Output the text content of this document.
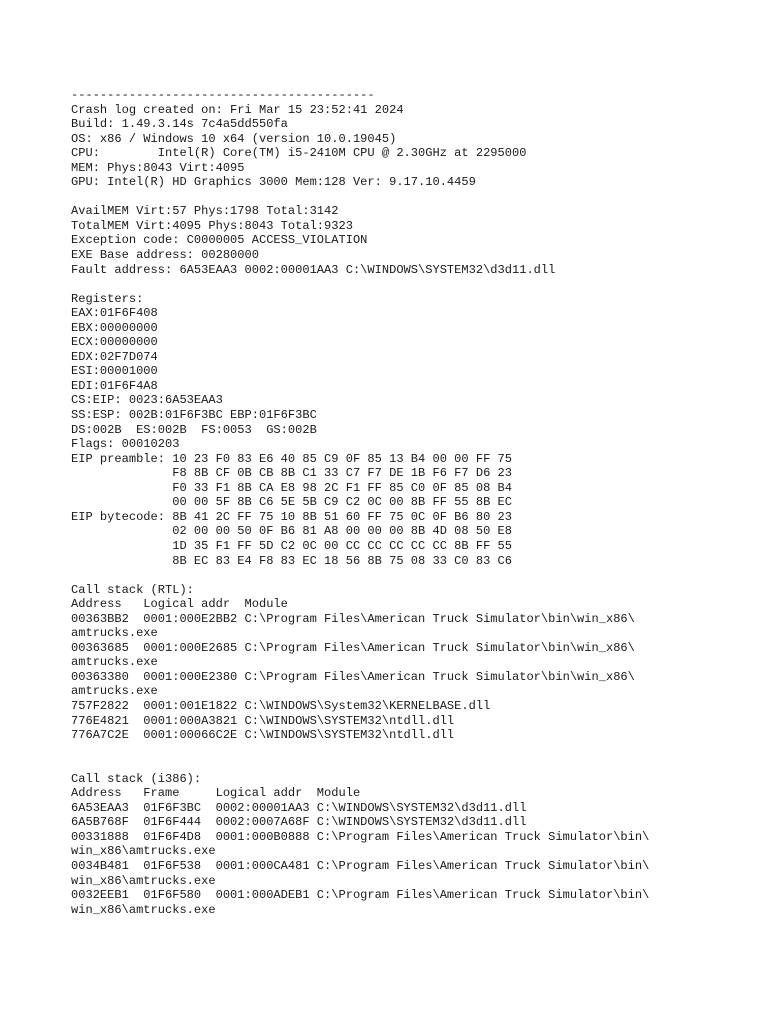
------------------------------------------
Crash log created on: Fri Mar 15 23:52:41 2024
Build: 1.49.3.14s 7c4a5dd550fa
OS: x86 / Windows 10 x64 (version 10.0.19045)
CPU:        Intel(R) Core(TM) i5-2410M CPU @ 2.30GHz at 2295000
MEM: Phys:8043 Virt:4095
GPU: Intel(R) HD Graphics 3000 Mem:128 Ver: 9.17.10.4459
AvailMEM Virt:57 Phys:1798 Total:3142
TotalMEM Virt:4095 Phys:8043 Total:9323
Exception code: C0000005 ACCESS_VIOLATION
EXE Base address: 00280000
Fault address: 6A53EAA3 0002:00001AA3 C:\WINDOWS\SYSTEM32\d3d11.dll
Registers:
EAX:01F6F408
EBX:00000000
ECX:00000000
EDX:02F7D074
ESI:00001000
EDI:01F6F4A8
CS:EIP: 0023:6A53EAA3
SS:ESP: 002B:01F6F3BC EBP:01F6F3BC
DS:002B  ES:002B  FS:0053  GS:002B
Flags: 00010203
EIP preamble: 10 23 F0 83 E6 40 85 C9 0F 85 13 B4 00 00 FF 75
F8 8B CF 0B CB 8B C1 33 C7 F7 DE 1B F6 F7 D6 23
F0 33 F1 8B CA E8 98 2C F1 FF 85 C0 0F 85 08 B4
00 00 5F 8B C6 5E 5B C9 C2 0C 00 8B FF 55 8B EC
EIP bytecode: 8B 41 2C FF 75 10 8B 51 60 FF 75 0C 0F B6 80 23
02 00 00 50 0F B6 81 A8 00 00 00 8B 4D 08 50 E8
1D 35 F1 FF 5D C2 0C 00 CC CC CC CC CC 8B FF 55
8B EC 83 E4 F8 83 EC 18 56 8B 75 08 33 C0 83 C6
Call stack (RTL):
Address   Logical addr  Module
00363BB2  0001:000E2BB2 C:\Program Files\American Truck Simulator\bin\win_x86\
amtrucks.exe
00363685  0001:000E2685 C:\Program Files\American Truck Simulator\bin\win_x86\
amtrucks.exe
00363380  0001:000E2380 C:\Program Files\American Truck Simulator\bin\win_x86\
amtrucks.exe
757F2822  0001:001E1822 C:\WINDOWS\System32\KERNELBASE.dll
776E4821  0001:000A3821 C:\WINDOWS\SYSTEM32\ntdll.dll
776A7C2E  0001:00066C2E C:\WINDOWS\SYSTEM32\ntdll.dll
Call stack (i386):
Address   Frame     Logical addr  Module
6A53EAA3  01F6F3BC  0002:00001AA3 C:\WINDOWS\SYSTEM32\d3d11.dll
6A5B768F  01F6F444  0002:0007A68F C:\WINDOWS\SYSTEM32\d3d11.dll
00331888  01F6F4D8  0001:000B0888 C:\Program Files\American Truck Simulator\bin\
win_x86\amtrucks.exe
0034B481  01F6F538  0001:000CA481 C:\Program Files\American Truck Simulator\bin\
win_x86\amtrucks.exe
0032EEB1  01F6F580  0001:000ADEB1 C:\Program Files\American Truck Simulator\bin\
win_x86\amtrucks.exe
